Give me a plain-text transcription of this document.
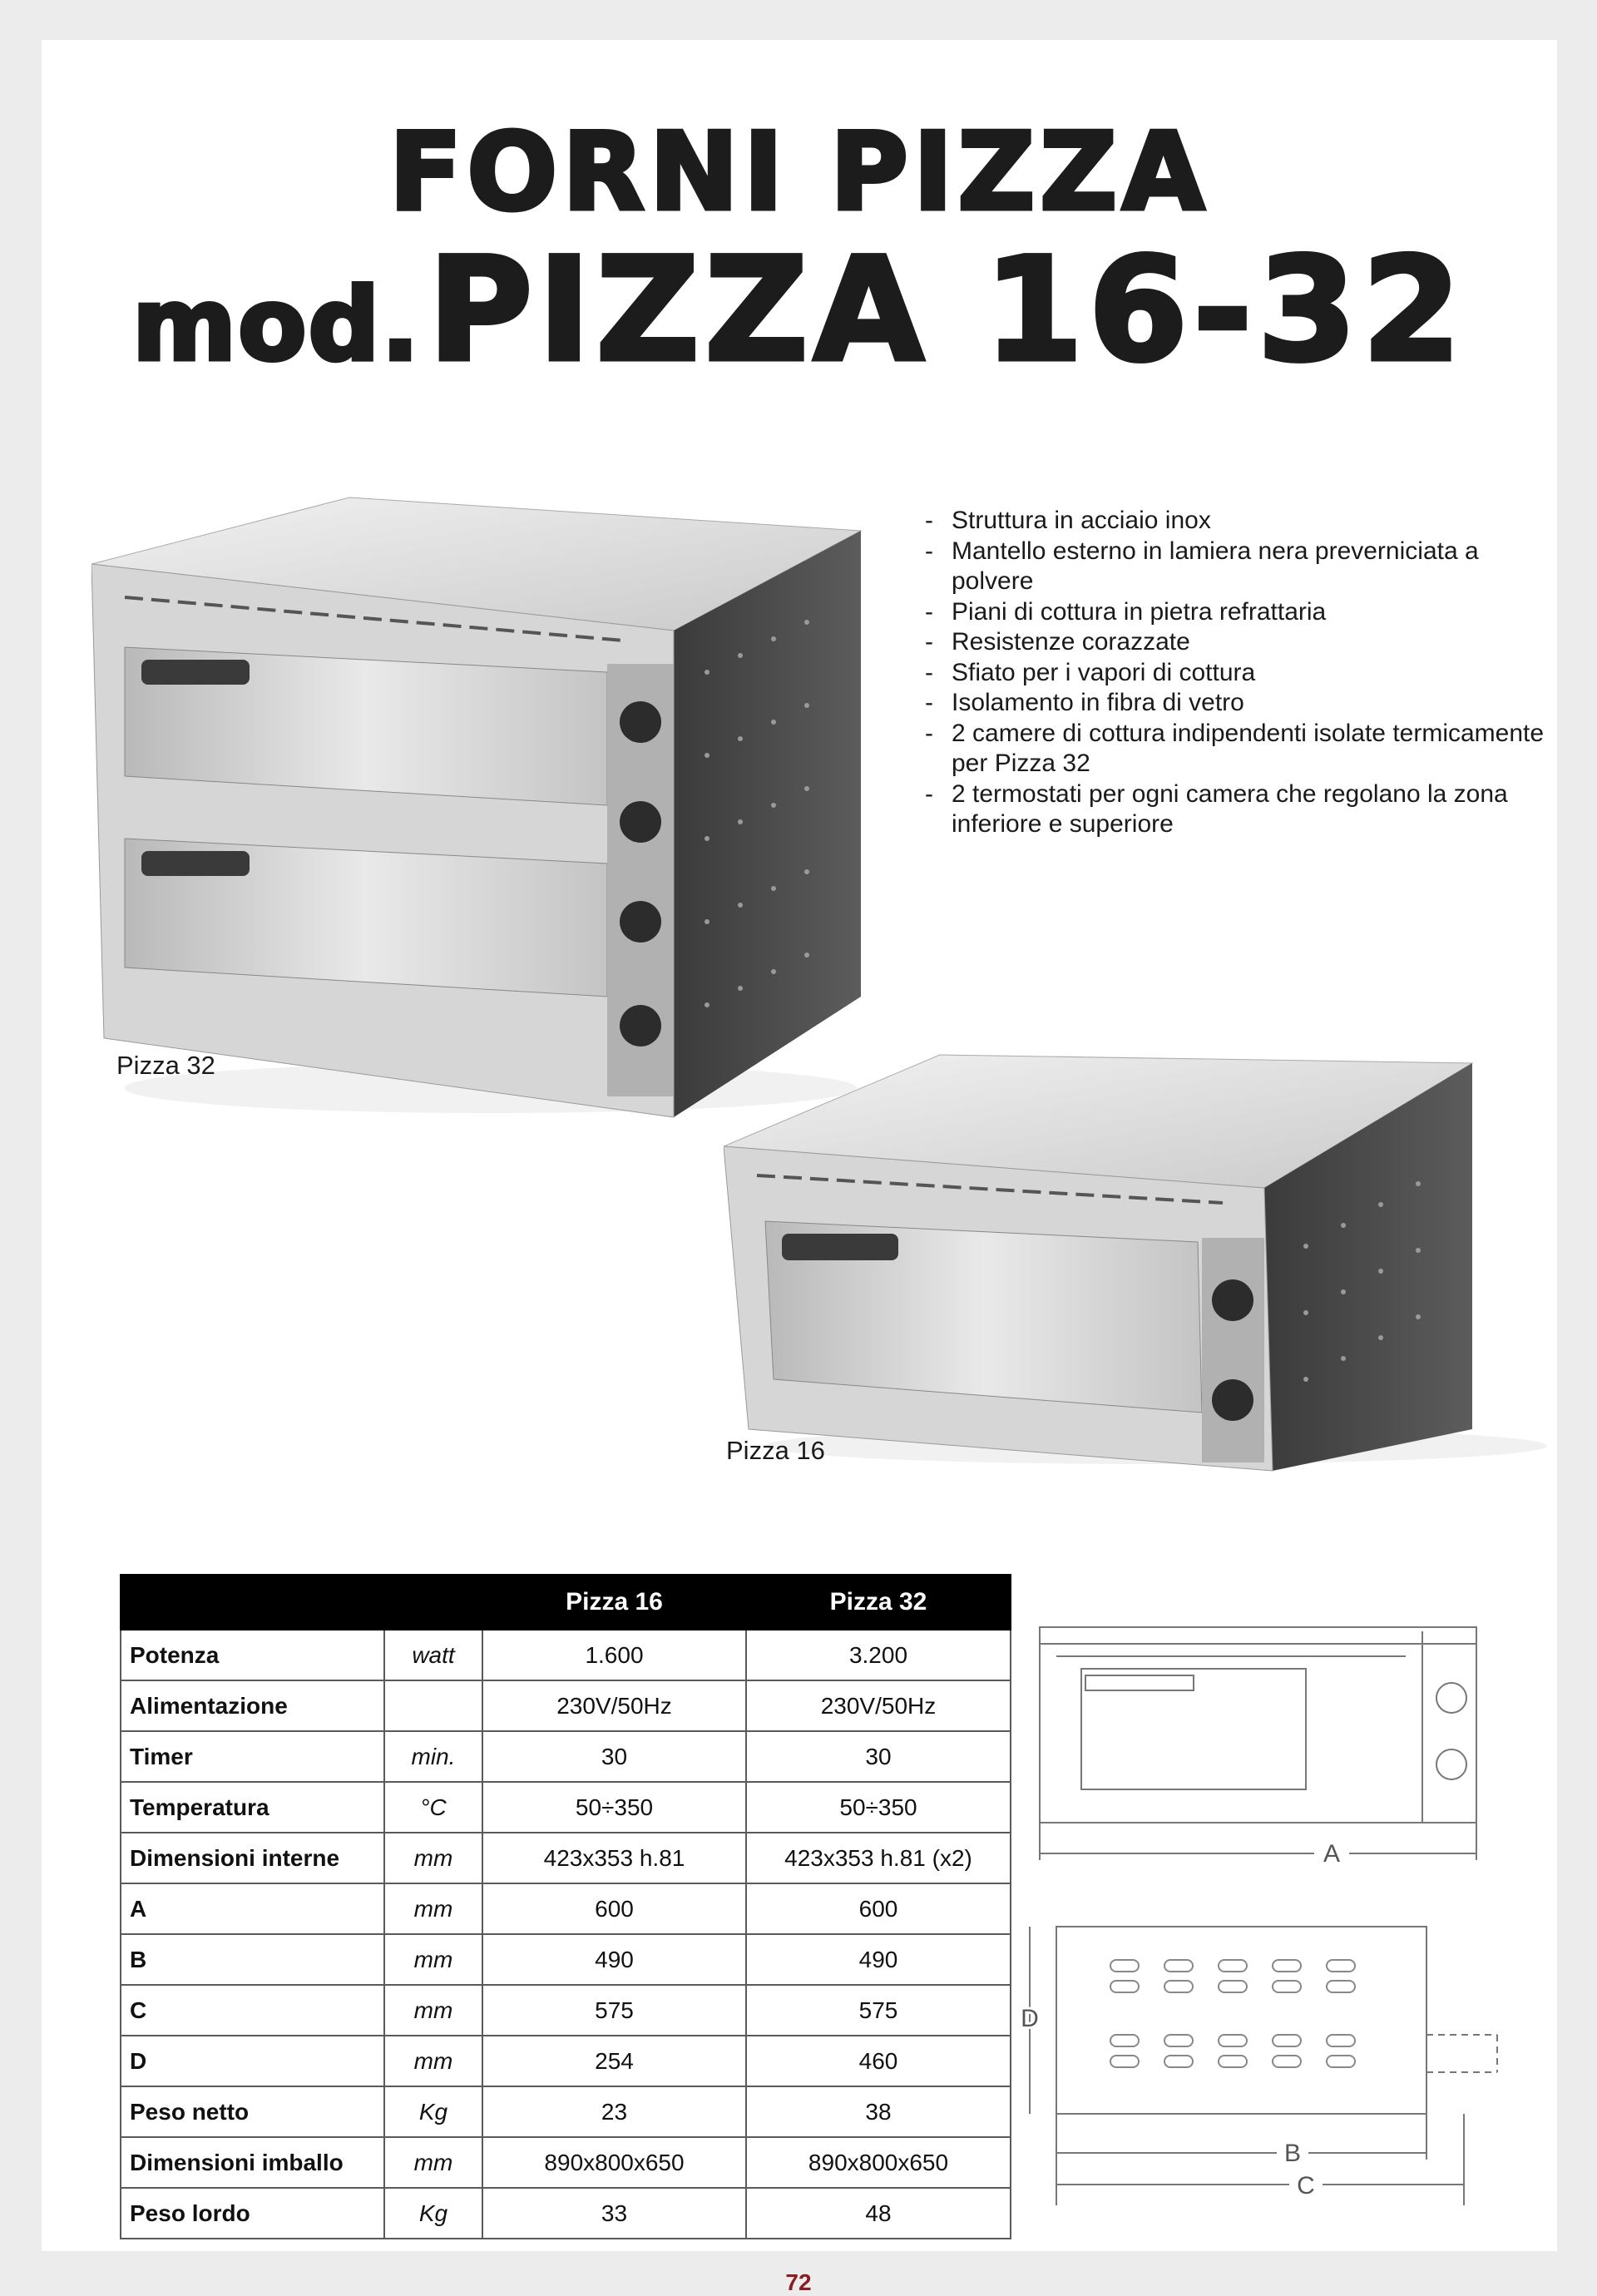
FORNI PIZZA
mod. PIZZA 16-32
- Struttura in acciaio inox
- Mantello esterno in lamiera nera preverniciata a polvere
- Piani di cottura in pietra refrattaria
- Resistenze corazzate
- Sfiato per i vapori di cottura
- Isolamento in fibra di vetro
- 2 camere di cottura indipendenti isolate termicamente per Pizza 32
- 2 termostati per ogni camera che regolano la zona inferiore e superiore
Pizza 32
Pizza 16
		Pizza 16	Pizza 32
Potenza	watt	1.600	3.200
Alimentazione		230V/50Hz	230V/50Hz
Timer	min.	30	30
Temperatura	°C	50÷350	50÷350
Dimensioni interne	mm	423x353 h.81	423x353 h.81 (x2)
A	mm	600	600
B	mm	490	490
C	mm	575	575
D	mm	254	460
Peso netto	Kg	23	38
Dimensioni imballo	mm	890x800x650	890x800x650
Peso lordo	Kg	33	48
A
D
B
C
72
